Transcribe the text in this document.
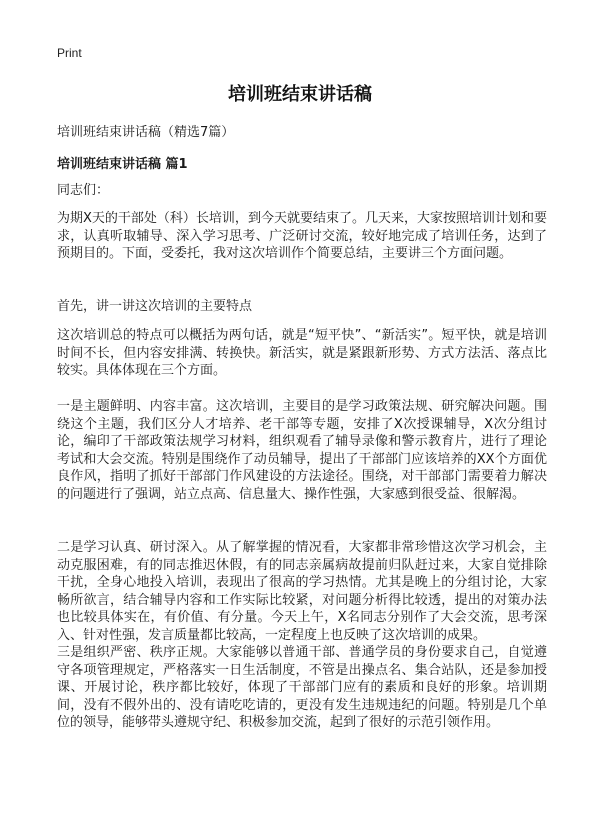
Print
培训班结束讲话稿

培训班结束讲话稿（精选7篇）

培训班结束讲话稿 篇1

同志们：

为期X天的干部处（科）长培训，到今天就要结束了。几天来，大家按照培训计划和要求，认真听取辅导、深入学习思考、广泛研讨交流，较好地完成了培训任务，达到了预期目的。下面，受委托，我对这次培训作个简要总结，主要讲三个方面问题。

首先，讲一讲这次培训的主要特点

这次培训总的特点可以概括为两句话，就是“短平快”、“新活实”。短平快，就是培训时间不长，但内容安排满、转换快。新活实，就是紧跟新形势、方式方法活、落点比较实。具体体现在三个方面。

一是主题鲜明、内容丰富。这次培训，主要目的是学习政策法规、研究解决问题。围绕这个主题，我们区分人才培养、老干部等专题，安排了X次授课辅导，X次分组讨论，编印了干部政策法规学习材料，组织观看了辅导录像和警示教育片，进行了理论考试和大会交流。特别是围绕作了动员辅导，提出了干部部门应该培养的XX个方面优良作风，指明了抓好干部部门作风建设的方法途径。围绕，对干部部门需要着力解决的问题进行了强调，站立点高、信息量大、操作性强，大家感到很受益、很解渴。

二是学习认真、研讨深入。从了解掌握的情况看，大家都非常珍惜这次学习机会，主动克服困难，有的同志推迟休假，有的同志亲属病故提前归队赶过来，大家自觉排除干扰，全身心地投入培训，表现出了很高的学习热情。尤其是晚上的分组讨论，大家畅所欲言，结合辅导内容和工作实际比较紧，对问题分析得比较透，提出的对策办法也比较具体实在，有价值、有分量。今天上午，X名同志分别作了大会交流，思考深入、针对性强，发言质量都比较高，一定程度上也反映了这次培训的成果。

三是组织严密、秩序正规。大家能够以普通干部、普通学员的身份要求自己，自觉遵守各项管理规定，严格落实一日生活制度，不管是出操点名、集合站队，还是参加授课、开展讨论，秩序都比较好，体现了干部部门应有的素质和良好的形象。培训期间，没有不假外出的、没有请吃吃请的，更没有发生违规违纪的问题。特别是几个单位的领导，能够带头遵规守纪、积极参加交流，起到了很好的示范引领作用。
